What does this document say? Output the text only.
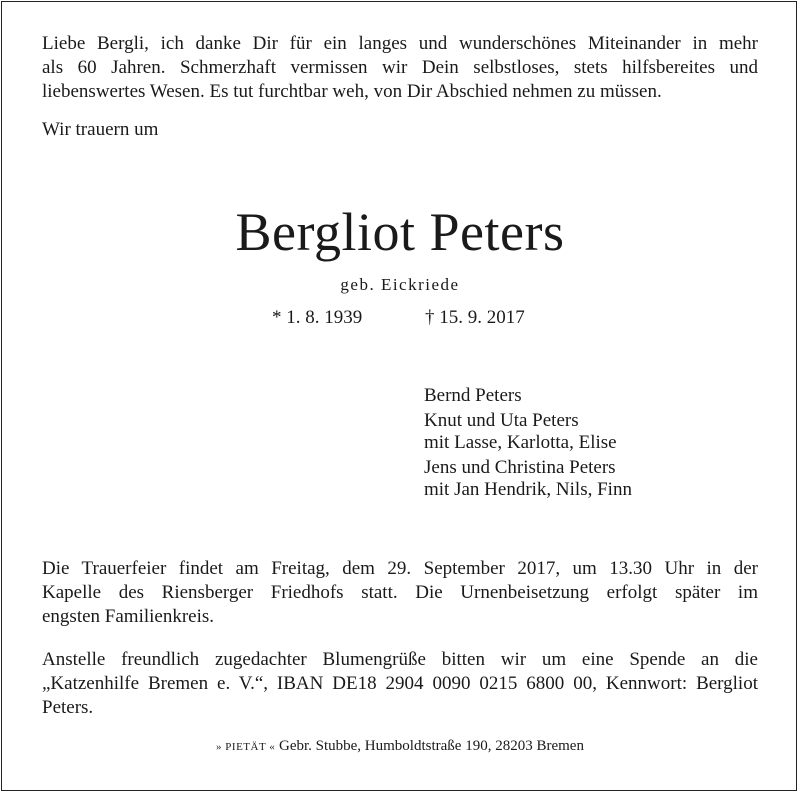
Liebe Bergli, ich danke Dir für ein langes und wunderschönes Miteinander in mehr
als 60 Jahren. Schmerzhaft vermissen wir Dein selbstloses, stets hilfsbereites und
liebenswertes Wesen. Es tut furchtbar weh, von Dir Abschied nehmen zu müssen.

Wir trauern um

Bergliot Peters

geb. Eickriede

* 1. 8. 1939	† 15. 9. 2017

Bernd Peters
Knut und Uta Peters
mit Lasse, Karlotta, Elise
Jens und Christina Peters
mit Jan Hendrik, Nils, Finn

Die Trauerfeier findet am Freitag, dem 29. September 2017, um 13.30 Uhr in der
Kapelle des Riensberger Friedhofs statt. Die Urnenbeisetzung erfolgt später im
engsten Familienkreis.

Anstelle freundlich zugedachter Blumengrüße bitten wir um eine Spende an die
„Katzenhilfe Bremen e. V.“, IBAN DE18 2904 0090 0215 6800 00, Kennwort: Bergliot
Peters.

» PIETÄT « Gebr. Stubbe, Humboldtstraße 190, 28203 Bremen
